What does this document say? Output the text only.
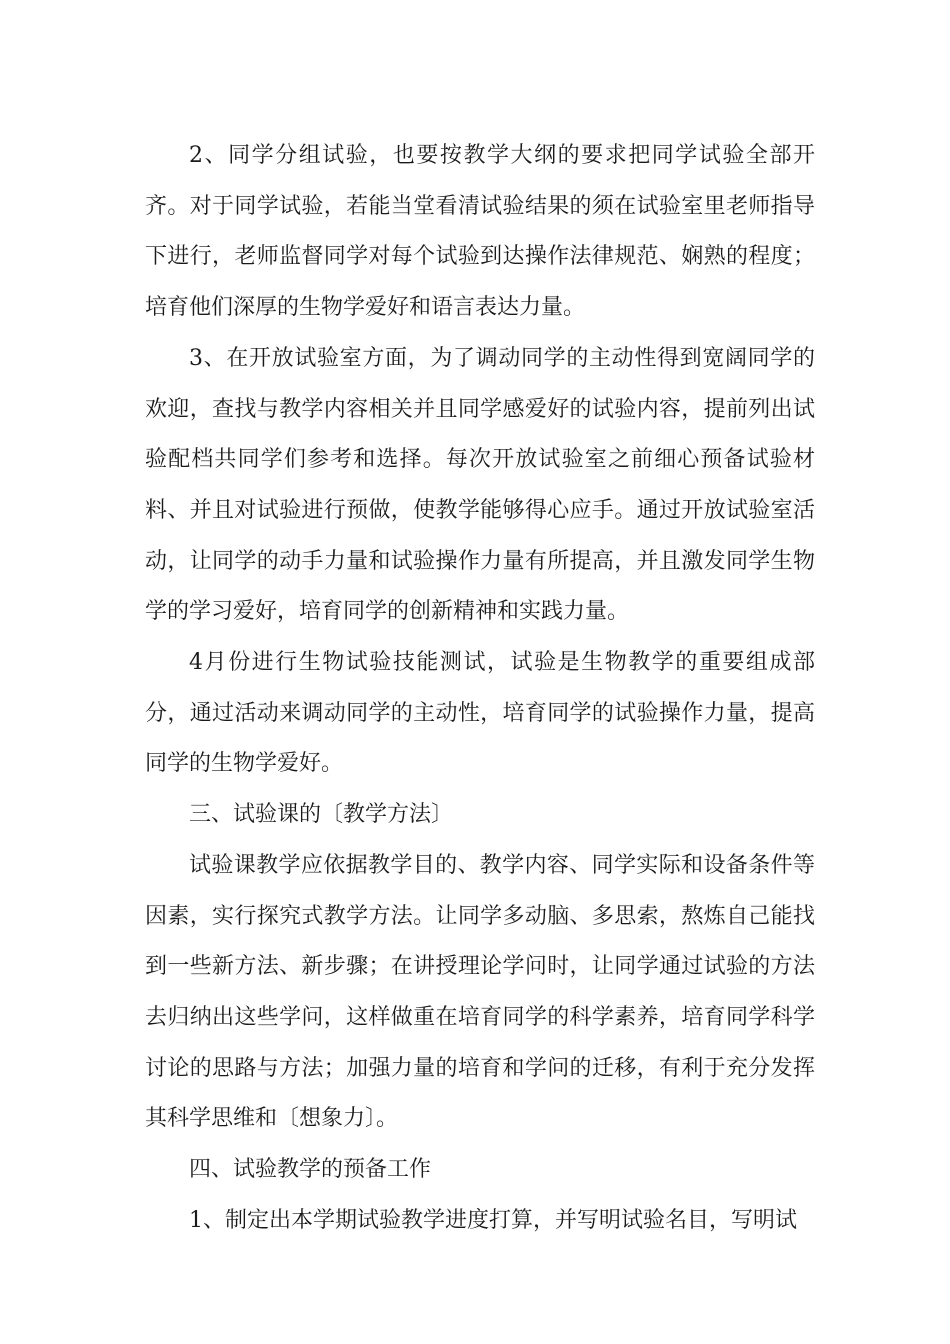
2、同学分组试验，也要按教学大纲的要求把同学试验全部开齐。对于同学试验，若能当堂看清试验结果的须在试验室里老师指导下进行，老师监督同学对每个试验到达操作法律规范、娴熟的程度；培育他们深厚的生物学爱好和语言表达力量。

3、在开放试验室方面，为了调动同学的主动性得到宽阔同学的欢迎，查找与教学内容相关并且同学感爱好的试验内容，提前列出试验配档共同学们参考和选择。每次开放试验室之前细心预备试验材料、并且对试验进行预做，使教学能够得心应手。通过开放试验室活动，让同学的动手力量和试验操作力量有所提高，并且激发同学生物学的学习爱好，培育同学的创新精神和实践力量。

4月份进行生物试验技能测试，试验是生物教学的重要组成部分，通过活动来调动同学的主动性，培育同学的试验操作力量，提高同学的生物学爱好。

三、试验课的〔教学方法〕

试验课教学应依据教学目的、教学内容、同学实际和设备条件等因素，实行探究式教学方法。让同学多动脑、多思索，熬炼自己能找到一些新方法、新步骤；在讲授理论学问时，让同学通过试验的方法去归纳出这些学问，这样做重在培育同学的科学素养，培育同学科学讨论的思路与方法；加强力量的培育和学问的迁移，有利于充分发挥其科学思维和〔想象力〕。

四、试验教学的预备工作

1、制定出本学期试验教学进度打算，并写明试验名目，写明试
